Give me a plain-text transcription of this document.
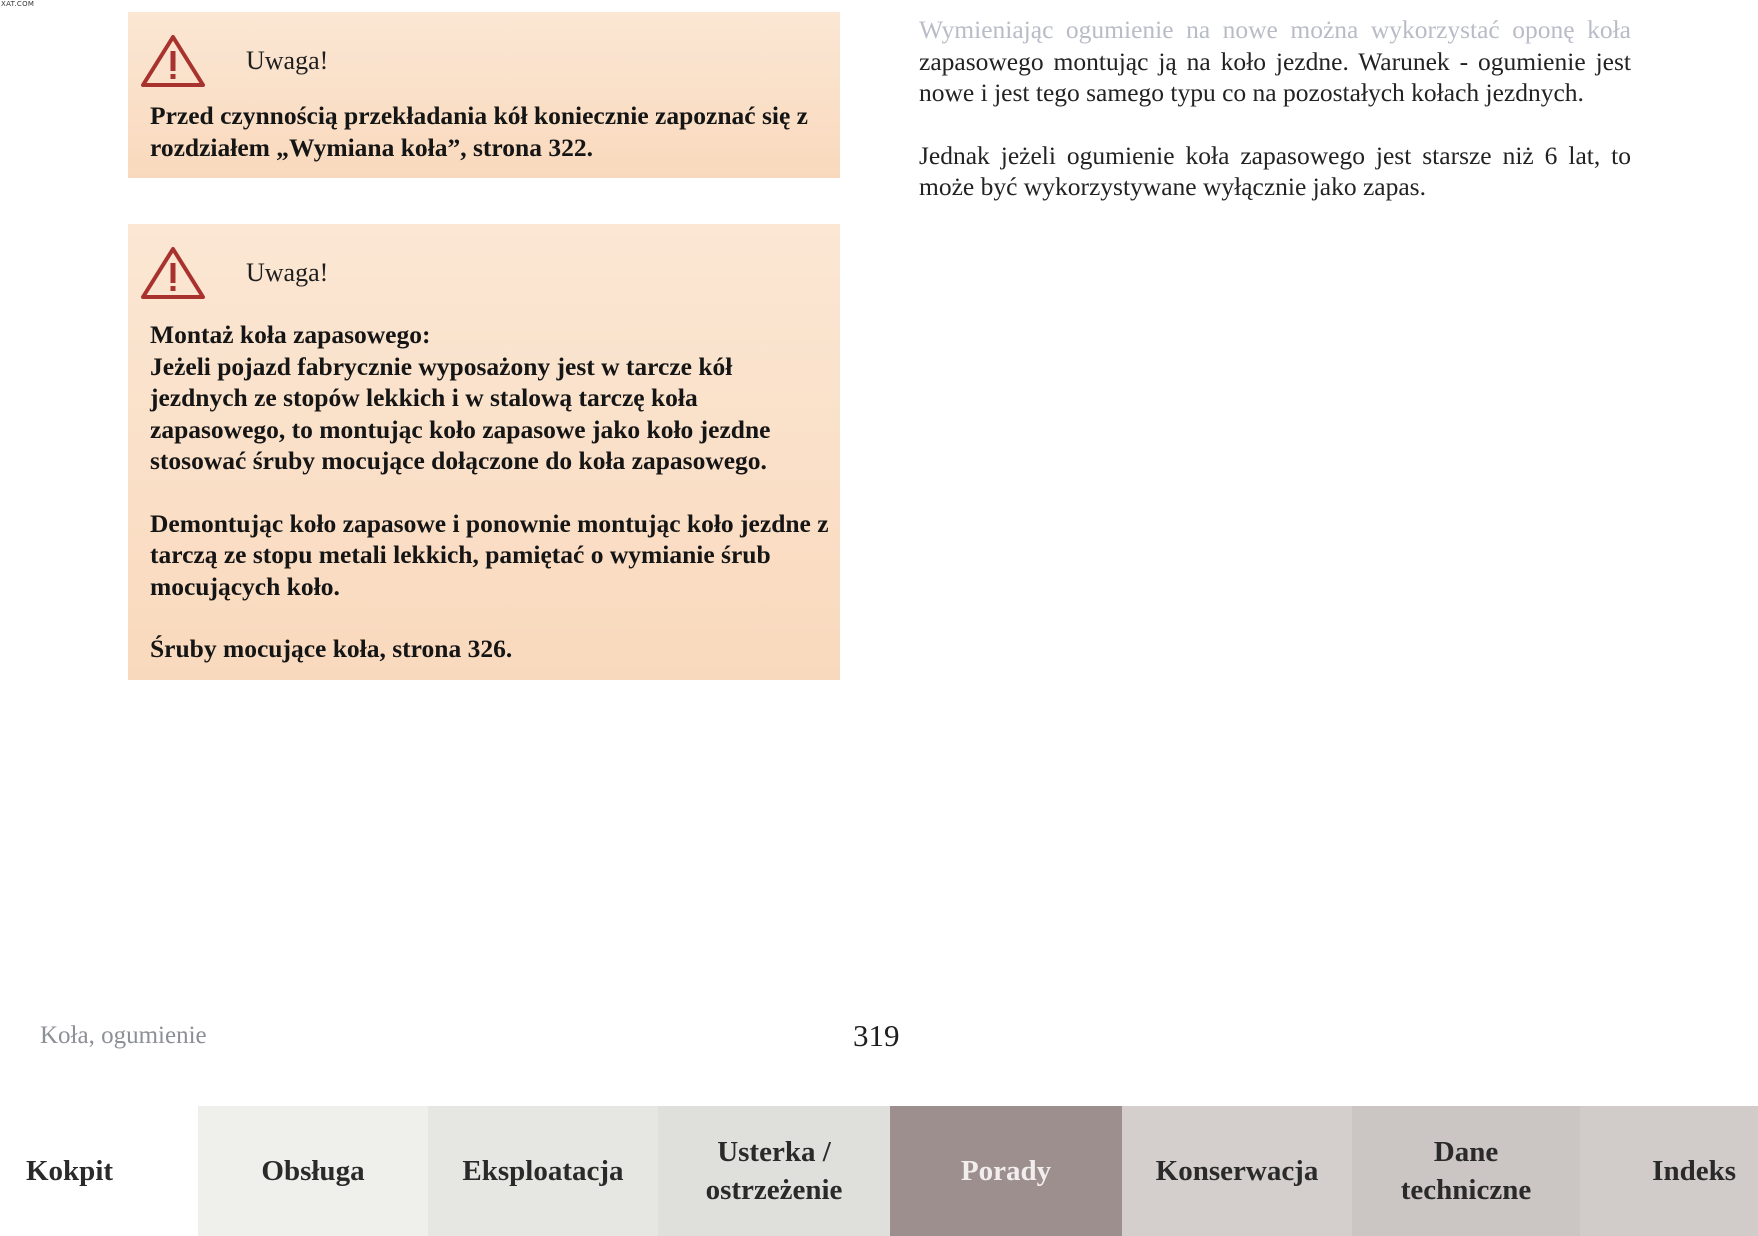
XAT.COM
Uwaga!

Przed czynnością przekładania kół koniecznie zapoznać się z rozdziałem „Wymiana koła”, strona 322.

Uwaga!

Montaż koła zapasowego:
Jeżeli pojazd fabrycznie wyposażony jest w tarcze kół jezdnych ze stopów lekkich i w stalową tarczę koła zapasowego, to montując koło zapasowe jako koło jezdne stosować śruby mocujące dołączone do koła zapasowego.

Demontując koło zapasowe i ponownie montując koło jezdne z tarczą ze stopu metali lekkich, pamiętać o wymianie śrub mocujących koło.

Śruby mocujące koła, strona 326.

Wymieniając ogumienie na nowe można wykorzystać oponę koła zapasowego montując ją na koło jezdne. Warunek - ogumienie jest nowe i jest tego samego typu co na pozostałych kołach jezdnych.

Jednak jeżeli ogumienie koła zapasowego jest starsze niż 6 lat, to może być wykorzystywane wyłącznie jako zapas.

Koła, ogumienie	319
Kokpit	Obsługa	Eksploatacja
Usterka /
ostrzeżenie
Porady	Konserwacja
Dane
techniczne
Indeks
